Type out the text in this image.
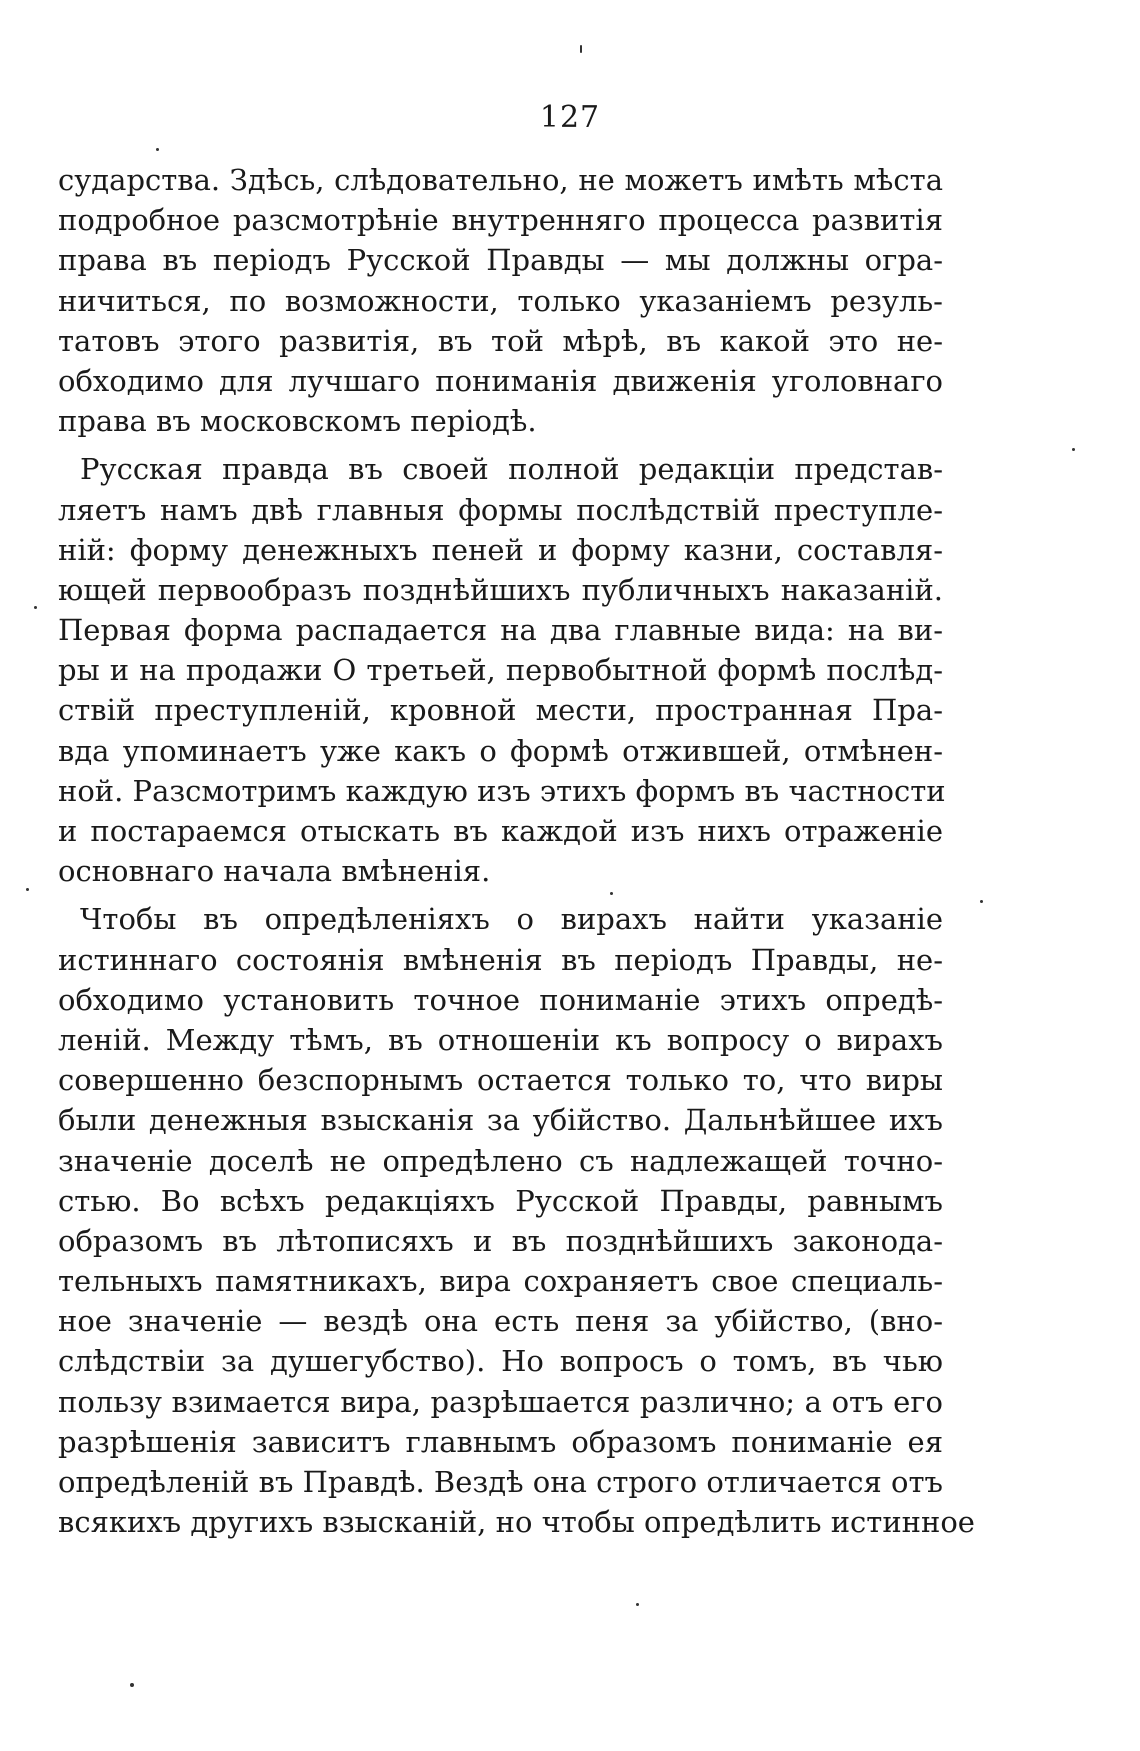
127
сударства. Здѣсь, слѣдовательно, не можетъ имѣть мѣста
подробное разсмотрѣніе внутренняго процесса развитія
права въ періодъ Русской Правды — мы должны огра-
ничиться, по возможности, только указаніемъ резуль-
татовъ этого развитія, въ той мѣрѣ, въ какой это не-
обходимо для лучшаго пониманія движенія уголовнаго
права въ московскомъ періодѣ.
Русская правда въ своей полной редакціи представ-
ляетъ намъ двѣ главныя формы послѣдствій преступле-
ній: форму денежныхъ пеней и форму казни, составля-
ющей первообразъ позднѣйшихъ публичныхъ наказаній.
Первая форма распадается на два главные вида: на ви-
ры и на продажи О третьей, первобытной формѣ послѣд-
ствій преступленій, кровной мести, пространная Пра-
вда упоминаетъ уже какъ о формѣ отжившей, отмѣнен-
ной. Разсмотримъ каждую изъ этихъ формъ въ частности
и постараемся отыскать въ каждой изъ нихъ отраженіе
основнаго начала вмѣненія.
Чтобы въ опредѣленіяхъ о вирахъ найти указаніе
истиннаго состоянія вмѣненія въ періодъ Правды, не-
обходимо установить точное пониманіе этихъ опредѣ-
леній. Между тѣмъ, въ отношеніи къ вопросу о вирахъ
совершенно безспорнымъ остается только то, что виры
были денежныя взысканія за убійство. Дальнѣйшее ихъ
значеніе доселѣ не опредѣлено съ надлежащей точно-
стью. Во всѣхъ редакціяхъ Русской Правды, равнымъ
образомъ въ лѣтописяхъ и въ позднѣйшихъ законода-
тельныхъ памятникахъ, вира сохраняетъ свое специаль-
ное значеніе — вездѣ она есть пеня за убійство, (вно-
слѣдствіи за душегубство). Но вопросъ о томъ, въ чью
пользу взимается вира, разрѣшается различно; а отъ его
разрѣшенія зависитъ главнымъ образомъ пониманіе ея
опредѣленій въ Правдѣ. Вездѣ она строго отличается отъ
всякихъ другихъ взысканій, но чтобы опредѣлить истинное
